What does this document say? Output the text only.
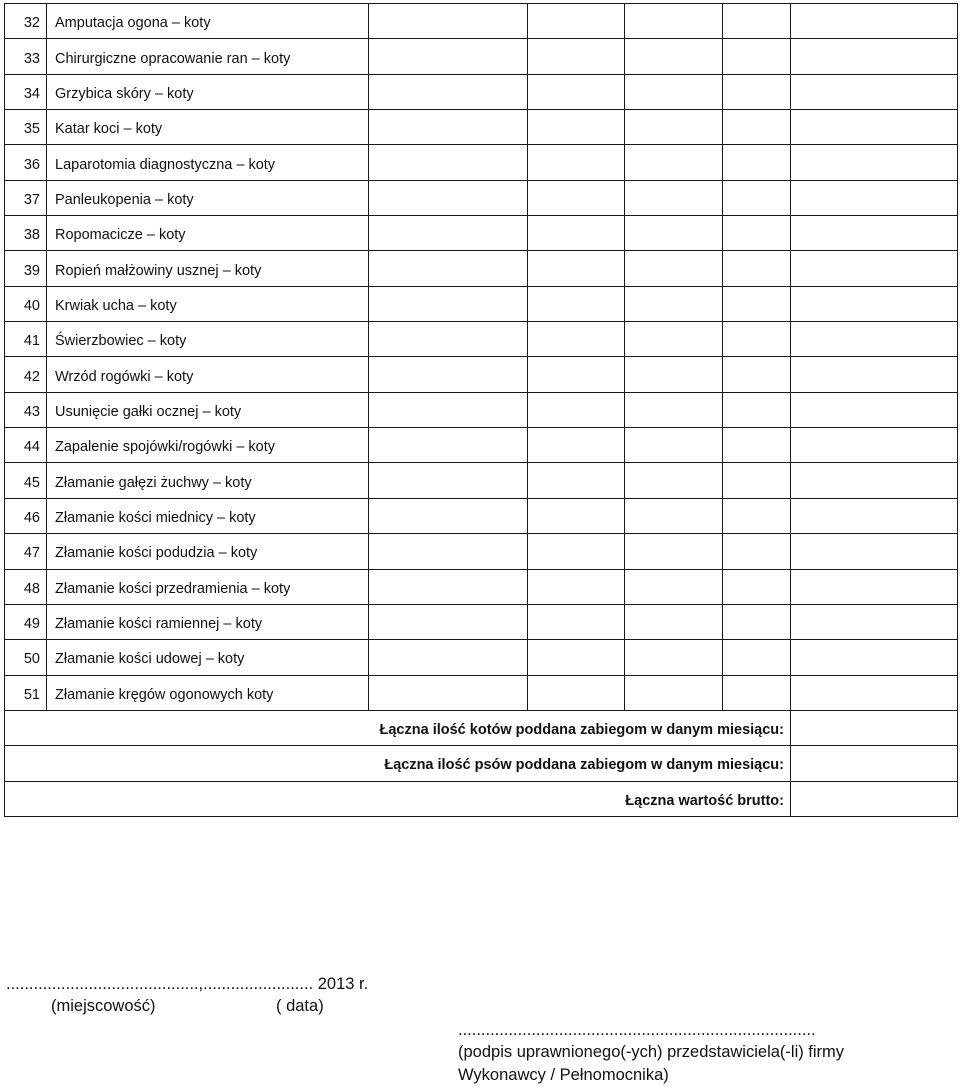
32	Amputacja ogona – koty					
33	Chirurgiczne opracowanie ran – koty					
34	Grzybica skóry – koty					
35	Katar koci – koty					
36	Laparotomia diagnostyczna – koty					
37	Panleukopenia – koty					
38	Ropomacicze – koty					
39	Ropień małżowiny usznej – koty					
40	Krwiak ucha – koty					
41	Świerzbowiec – koty					
42	Wrzód rogówki – koty					
43	Usunięcie gałki ocznej – koty					
44	Zapalenie spojówki/rogówki – koty					
45	Złamanie gałęzi żuchwy – koty					
46	Złamanie kości miednicy – koty					
47	Złamanie kości podudzia – koty					
48	Złamanie kości przedramienia – koty					
49	Złamanie kości ramiennej – koty					
50	Złamanie kości udowej – koty					
51	Złamanie kręgów ogonowych koty					
Łączna ilość kotów poddana zabiegom w danym miesiącu:						
Łączna ilość psów poddana zabiegom w danym miesiącu:						
Łączna wartość brutto:						
..........................................,........................ 2013 r.
(miejscowość)	( data)
..............................................................................
(podpis uprawnionego(-ych) przedstawiciela(-li) firmy
Wykonawcy / Pełnomocnika)
